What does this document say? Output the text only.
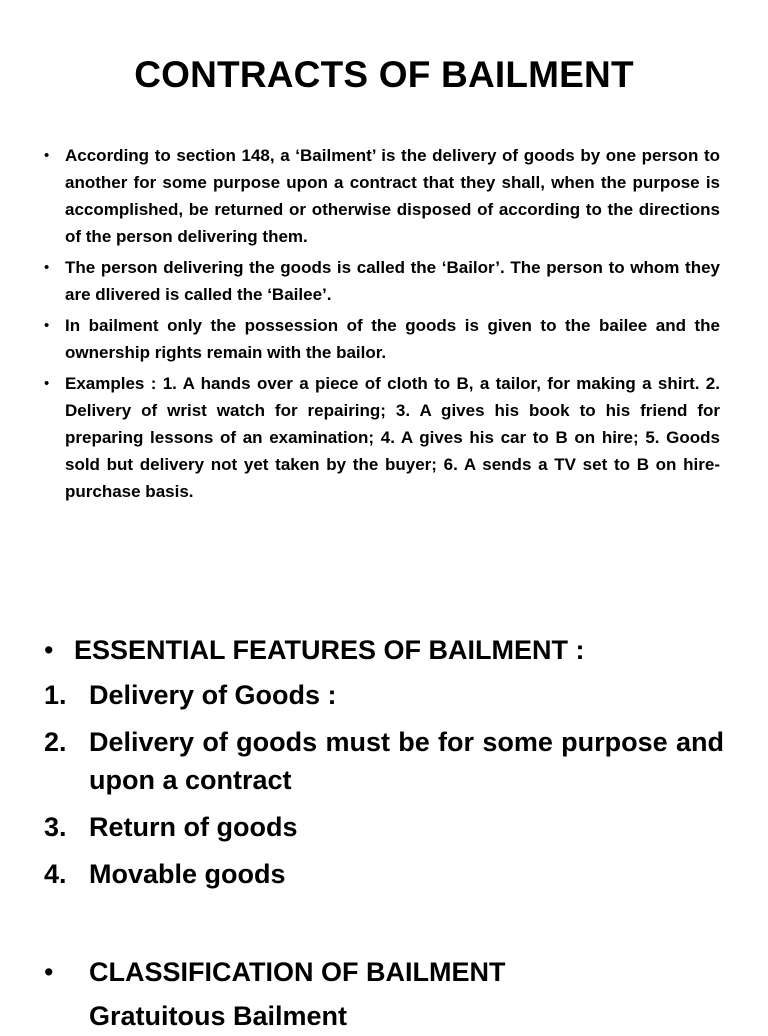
CONTRACTS OF BAILMENT
• According to section 148, a ‘Bailment’ is the delivery of goods by one person to another for some purpose upon a contract that they shall, when the purpose is accomplished, be returned or otherwise disposed of according to the directions of the person delivering them.
• The person delivering the goods is called the ‘Bailor’. The person to whom they are dlivered is called the ‘Bailee’.
• In bailment only the possession of the goods is given to the bailee and the ownership rights remain with the bailor.
• Examples : 1. A hands over a piece of cloth to B, a tailor, for making a shirt. 2. Delivery of wrist watch for repairing; 3. A gives his book to his friend for preparing lessons of an examination; 4. A gives his car to B on hire; 5. Goods sold but delivery not yet taken by the buyer; 6. A sends a TV set to B on hire-purchase basis.
• ESSENTIAL FEATURES OF BAILMENT :
1. Delivery of Goods :
2. Delivery of goods must be for some purpose and upon a contract
3. Return of goods
4. Movable goods
• CLASSIFICATION OF BAILMENT
Gratuitous Bailment
